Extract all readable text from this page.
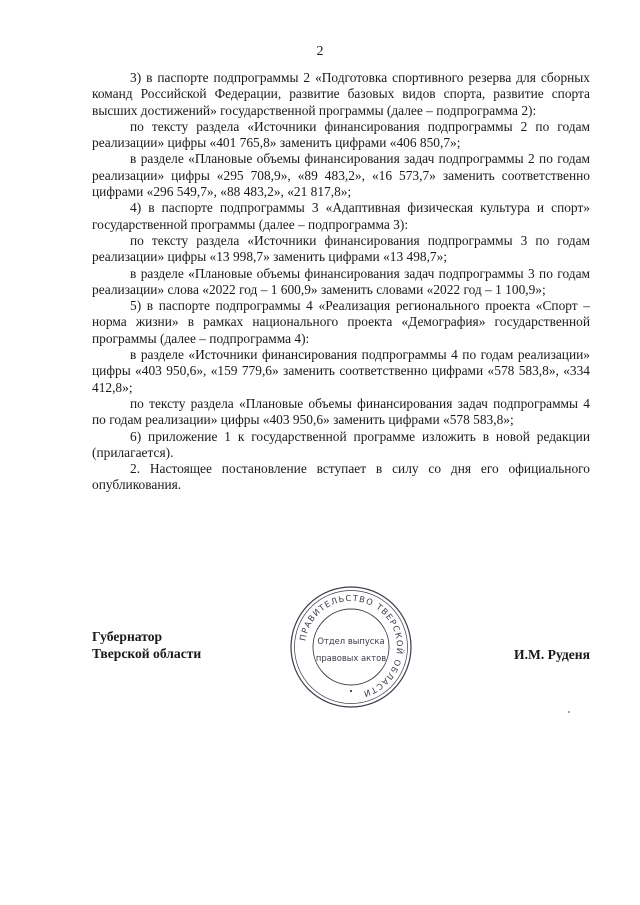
2

3) в паспорте подпрограммы 2 «Подготовка спортивного резерва для сборных команд Российской Федерации, развитие базовых видов спорта, развитие спорта высших достижений» государственной программы (далее – подпрограмма 2):

по тексту раздела «Источники финансирования подпрограммы 2 по годам реализации» цифры «401 765,8» заменить цифрами «406 850,7»;

в разделе «Плановые объемы финансирования задач подпрограммы 2 по годам реализации» цифры «295 708,9», «89 483,2», «16 573,7» заменить соответственно цифрами «296 549,7», «88 483,2», «21 817,8»;

4) в паспорте подпрограммы 3 «Адаптивная физическая культура и спорт» государственной программы (далее – подпрограмма 3):

по тексту раздела «Источники финансирования подпрограммы 3 по годам реализации» цифры «13 998,7» заменить цифрами «13 498,7»;

в разделе «Плановые объемы финансирования задач подпрограммы 3 по годам реализации» слова «2022 год – 1 600,9» заменить словами «2022 год – 1 100,9»;

5) в паспорте подпрограммы 4 «Реализация регионального проекта «Спорт – норма жизни» в рамках национального проекта «Демография» государственной программы (далее – подпрограмма 4):

в разделе «Источники финансирования подпрограммы 4 по годам реализации» цифры «403 950,6», «159 779,6» заменить соответственно цифрами «578 583,8», «334 412,8»;

по тексту раздела «Плановые объемы финансирования задач подпрограммы 4 по годам реализации» цифры «403 950,6» заменить цифрами «578 583,8»;

6) приложение 1 к государственной программе изложить в новой редакции (прилагается).

2. Настоящее постановление вступает в силу со дня его официального опубликования.

ПРАВИТЕЛЬСТВО ТВЕРСКОЙ ОБЛАСТИ
Отдел выпуска
правовых актов
Губернатор
Тверской области	И.М. Руденя
